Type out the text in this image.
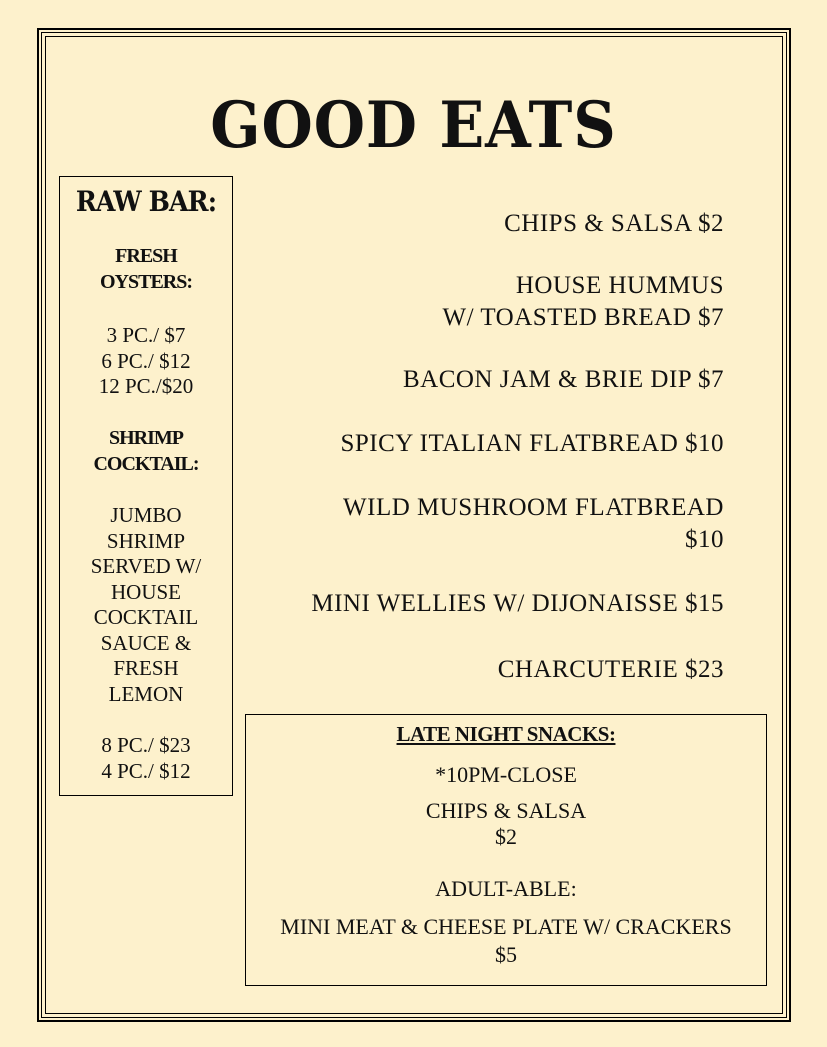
GOOD EATS
RAW BAR:
FRESH
OYSTERS:
3 PC./ $7
6 PC./ $12
12 PC./$20
SHRIMP
COCKTAIL:
JUMBO
SHRIMP
SERVED W/
HOUSE
COCKTAIL
SAUCE &
FRESH
LEMON
8 PC./ $23
4 PC./ $12
CHIPS & SALSA $2
HOUSE HUMMUS
W/ TOASTED BREAD $7
BACON JAM & BRIE DIP $7
SPICY ITALIAN FLATBREAD $10
WILD MUSHROOM FLATBREAD
$10
MINI WELLIES W/ DIJONAISSE $15
CHARCUTERIE $23
LATE NIGHT SNACKS:
*10PM-CLOSE
CHIPS & SALSA
$2
ADULT-ABLE:
MINI MEAT & CHEESE PLATE W/ CRACKERS
$5
